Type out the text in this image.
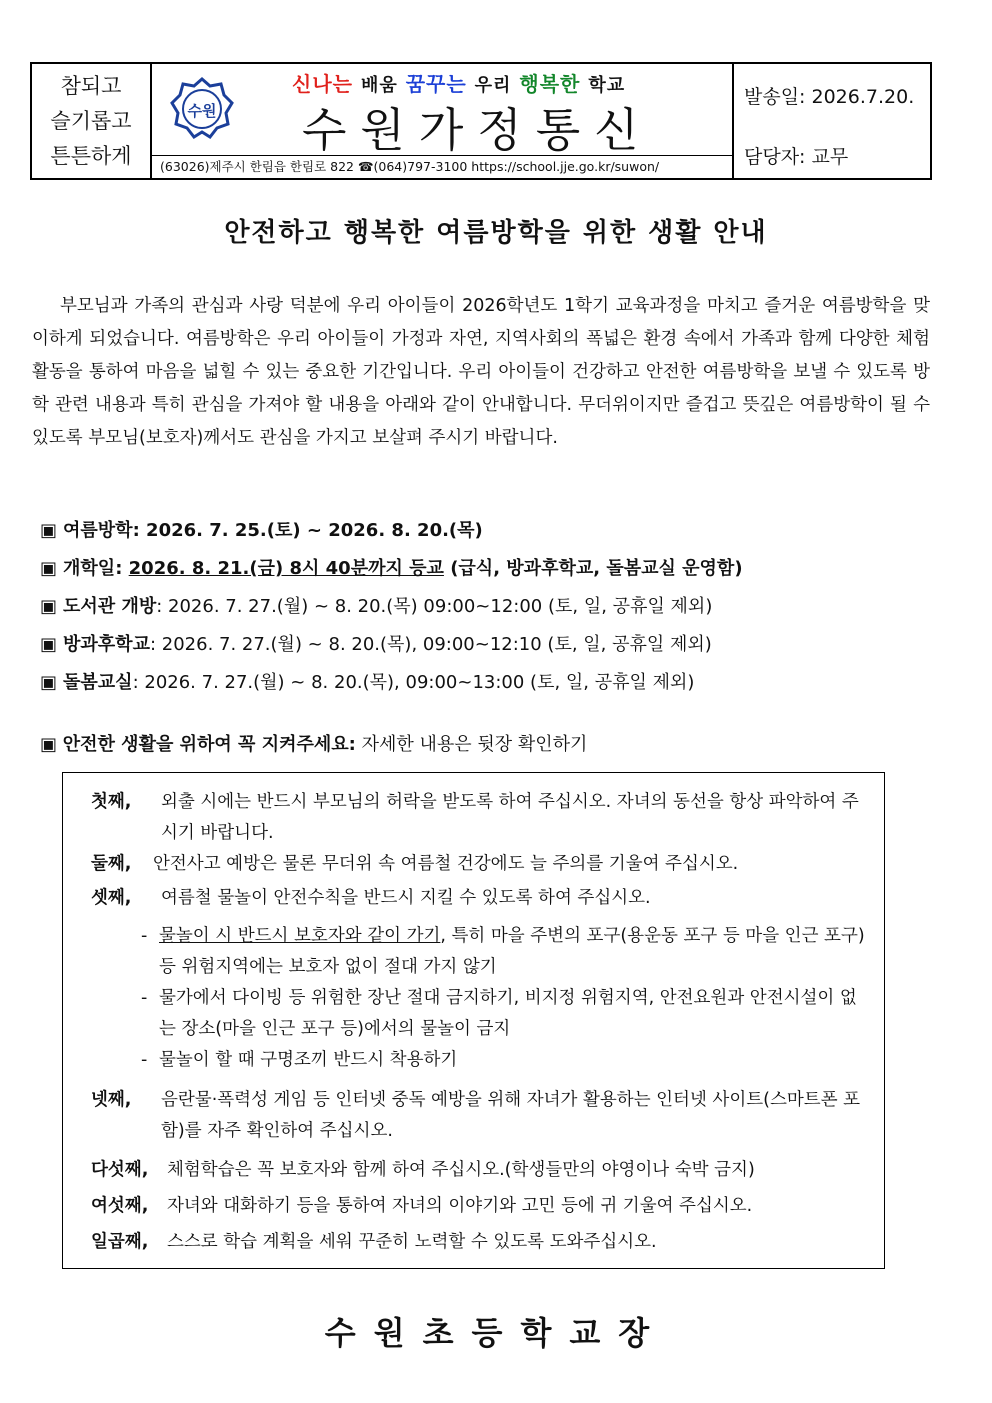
참되고
슬기롭고
튼튼하게
수원
신나는 배움 꿈꾸는 우리 행복한 학교
수원가정통신
(63026)제주시 한림읍 한림로 822 ☎(064)797-3100 https://school.jje.go.kr/suwon/
발송일: 2026.7.20.
담당자: 교무
안전하고 행복한 여름방학을 위한 생활 안내
부모님과 가족의 관심과 사랑 덕분에 우리 아이들이 2026학년도 1학기 교육과정을 마치고 즐거운 여름방학을 맞이하게 되었습니다. 여름방학은 우리 아이들이 가정과 자연, 지역사회의 폭넓은 환경 속에서 가족과 함께 다양한 체험활동을 통하여 마음을 넓힐 수 있는 중요한 기간입니다. 우리 아이들이 건강하고 안전한 여름방학을 보낼 수 있도록 방학 관련 내용과 특히 관심을 가져야 할 내용을 아래와 같이 안내합니다. 무더위이지만 즐겁고 뜻깊은 여름방학이 될 수 있도록 부모님(보호자)께서도 관심을 가지고 보살펴 주시기 바랍니다.
▣ 여름방학: 2026. 7. 25.(토) ~ 2026. 8. 20.(목)
▣ 개학일: 2026. 8. 21.(금) 8시 40분까지 등교 (급식, 방과후학교, 돌봄교실 운영함)
▣ 도서관 개방: 2026. 7. 27.(월) ~ 8. 20.(목) 09:00~12:00 (토, 일, 공휴일 제외)
▣ 방과후학교: 2026. 7. 27.(월) ~ 8. 20.(목), 09:00~12:10 (토, 일, 공휴일 제외)
▣ 돌봄교실: 2026. 7. 27.(월) ~ 8. 20.(목), 09:00~13:00 (토, 일, 공휴일 제외)
▣ 안전한 생활을 위하여 꼭 지켜주세요: 자세한 내용은 뒷장 확인하기
첫째,	외출 시에는 반드시 부모님의 허락을 받도록 하여 주십시오. 자녀의 동선을 항상 파악하여 주시기 바랍니다.
둘째,	안전사고 예방은 물론 무더위 속 여름철 건강에도 늘 주의를 기울여 주십시오.
셋째,	여름철 물놀이 안전수칙을 반드시 지킬 수 있도록 하여 주십시오.
- 물놀이 시 반드시 보호자와 같이 가기, 특히 마을 주변의 포구(용운동 포구 등 마을 인근 포구) 등 위험지역에는 보호자 없이 절대 가지 않기
- 물가에서 다이빙 등 위험한 장난 절대 금지하기, 비지정 위험지역, 안전요원과 안전시설이 없는 장소(마을 인근 포구 등)에서의 물놀이 금지
- 물놀이 할 때 구명조끼 반드시 착용하기
넷째,	음란물·폭력성 게임 등 인터넷 중독 예방을 위해 자녀가 활용하는 인터넷 사이트(스마트폰 포함)를 자주 확인하여 주십시오.
다섯째,	체험학습은 꼭 보호자와 함께 하여 주십시오.(학생들만의 야영이나 숙박 금지)
여섯째,	자녀와 대화하기 등을 통하여 자녀의 이야기와 고민 등에 귀 기울여 주십시오.
일곱째,	스스로 학습 계획을 세워 꾸준히 노력할 수 있도록 도와주십시오.
수원초등학교장
